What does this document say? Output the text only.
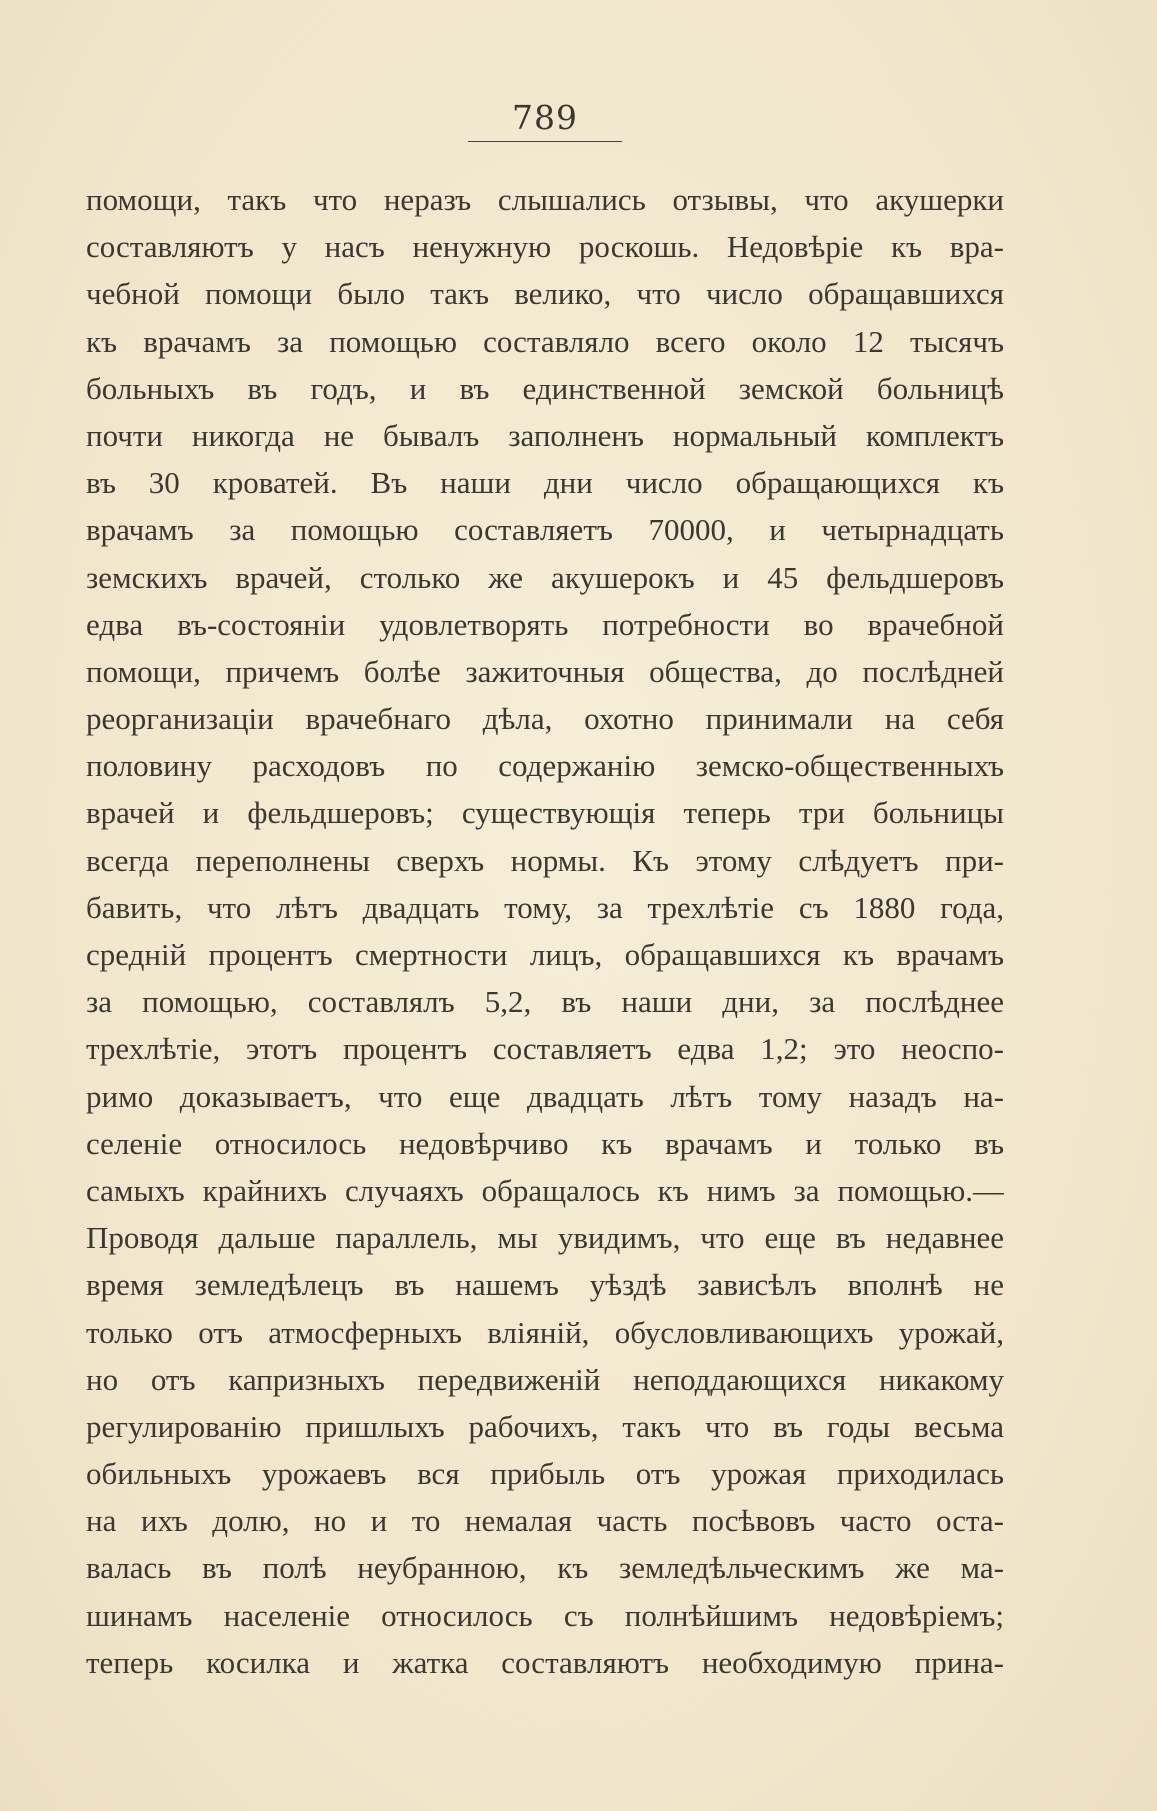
789
помощи, такъ что неразъ слышались отзывы, что акушерки
составляютъ у насъ ненужную роскошь. Недовѣріе къ вра-
чебной помощи было такъ велико, что число обращавшихся
къ врачамъ за помощью составляло всего около 12 тысячъ
больныхъ въ годъ, и въ единственной земской больницѣ
почти никогда не бывалъ заполненъ нормальный комплектъ
въ 30 кроватей. Въ наши дни число обращающихся къ
врачамъ за помощью составляетъ 70000, и четырнадцать
земскихъ врачей, столько же акушерокъ и 45 фельдшеровъ
едва въ-состояніи удовлетворять потребности во врачебной
помощи, причемъ болѣе зажиточныя общества, до послѣдней
реорганизаціи врачебнаго дѣла, охотно принимали на себя
половину расходовъ по содержанію земско-общественныхъ
врачей и фельдшеровъ; существующія теперь три больницы
всегда переполнены сверхъ нормы. Къ этому слѣдуетъ при-
бавить, что лѣтъ двадцать тому, за трехлѣтіе съ 1880 года,
средній процентъ смертности лицъ, обращавшихся къ врачамъ
за помощью, составлялъ 5,2, въ наши дни, за послѣднее
трехлѣтіе, этотъ процентъ составляетъ едва 1,2; это неоспо-
римо доказываетъ, что еще двадцать лѣтъ тому назадъ на-
селеніе относилось недовѣрчиво къ врачамъ и только въ
самыхъ крайнихъ случаяхъ обращалось къ нимъ за помощью.—
Проводя дальше параллель, мы увидимъ, что еще въ недавнее
время земледѣлецъ въ нашемъ уѣздѣ зависѣлъ вполнѣ не
только отъ атмосферныхъ вліяній, обусловливающихъ урожай,
но отъ капризныхъ передвиженій неподдающихся никакому
регулированію пришлыхъ рабочихъ, такъ что въ годы весьма
обильныхъ урожаевъ вся прибыль отъ урожая приходилась
на ихъ долю, но и то немалая часть посѣвовъ часто оста-
валась въ полѣ неубранною, къ земледѣльческимъ же ма-
шинамъ населеніе относилось съ полнѣйшимъ недовѣріемъ;
теперь косилка и жатка составляютъ необходимую прина-
